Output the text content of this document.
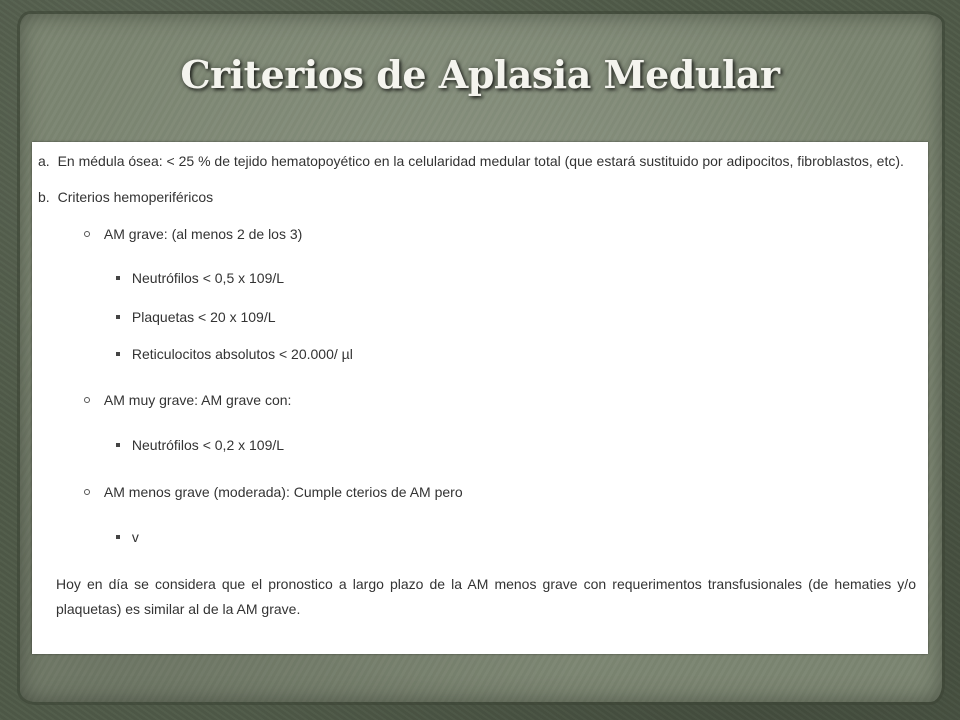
Criterios de Aplasia Medular
a. En médula ósea: < 25 % de tejido hematopoyético en la celularidad medular total (que estará sustituido por adipocitos, fibroblastos, etc).
b. Criterios hemoperiféricos
AM grave: (al menos 2 de los 3)
Neutrófilos < 0,5 x 109/L
Plaquetas < 20 x 109/L
Reticulocitos absolutos < 20.000/ µl
AM muy grave: AM grave con:
Neutrófilos < 0,2 x 109/L
AM menos grave (moderada): Cumple cterios de AM pero
v
Hoy en día se considera que el pronostico a largo plazo de la AM menos grave con requerimentos transfusionales (de hematies y/o plaquetas) es similar al de la AM grave.
